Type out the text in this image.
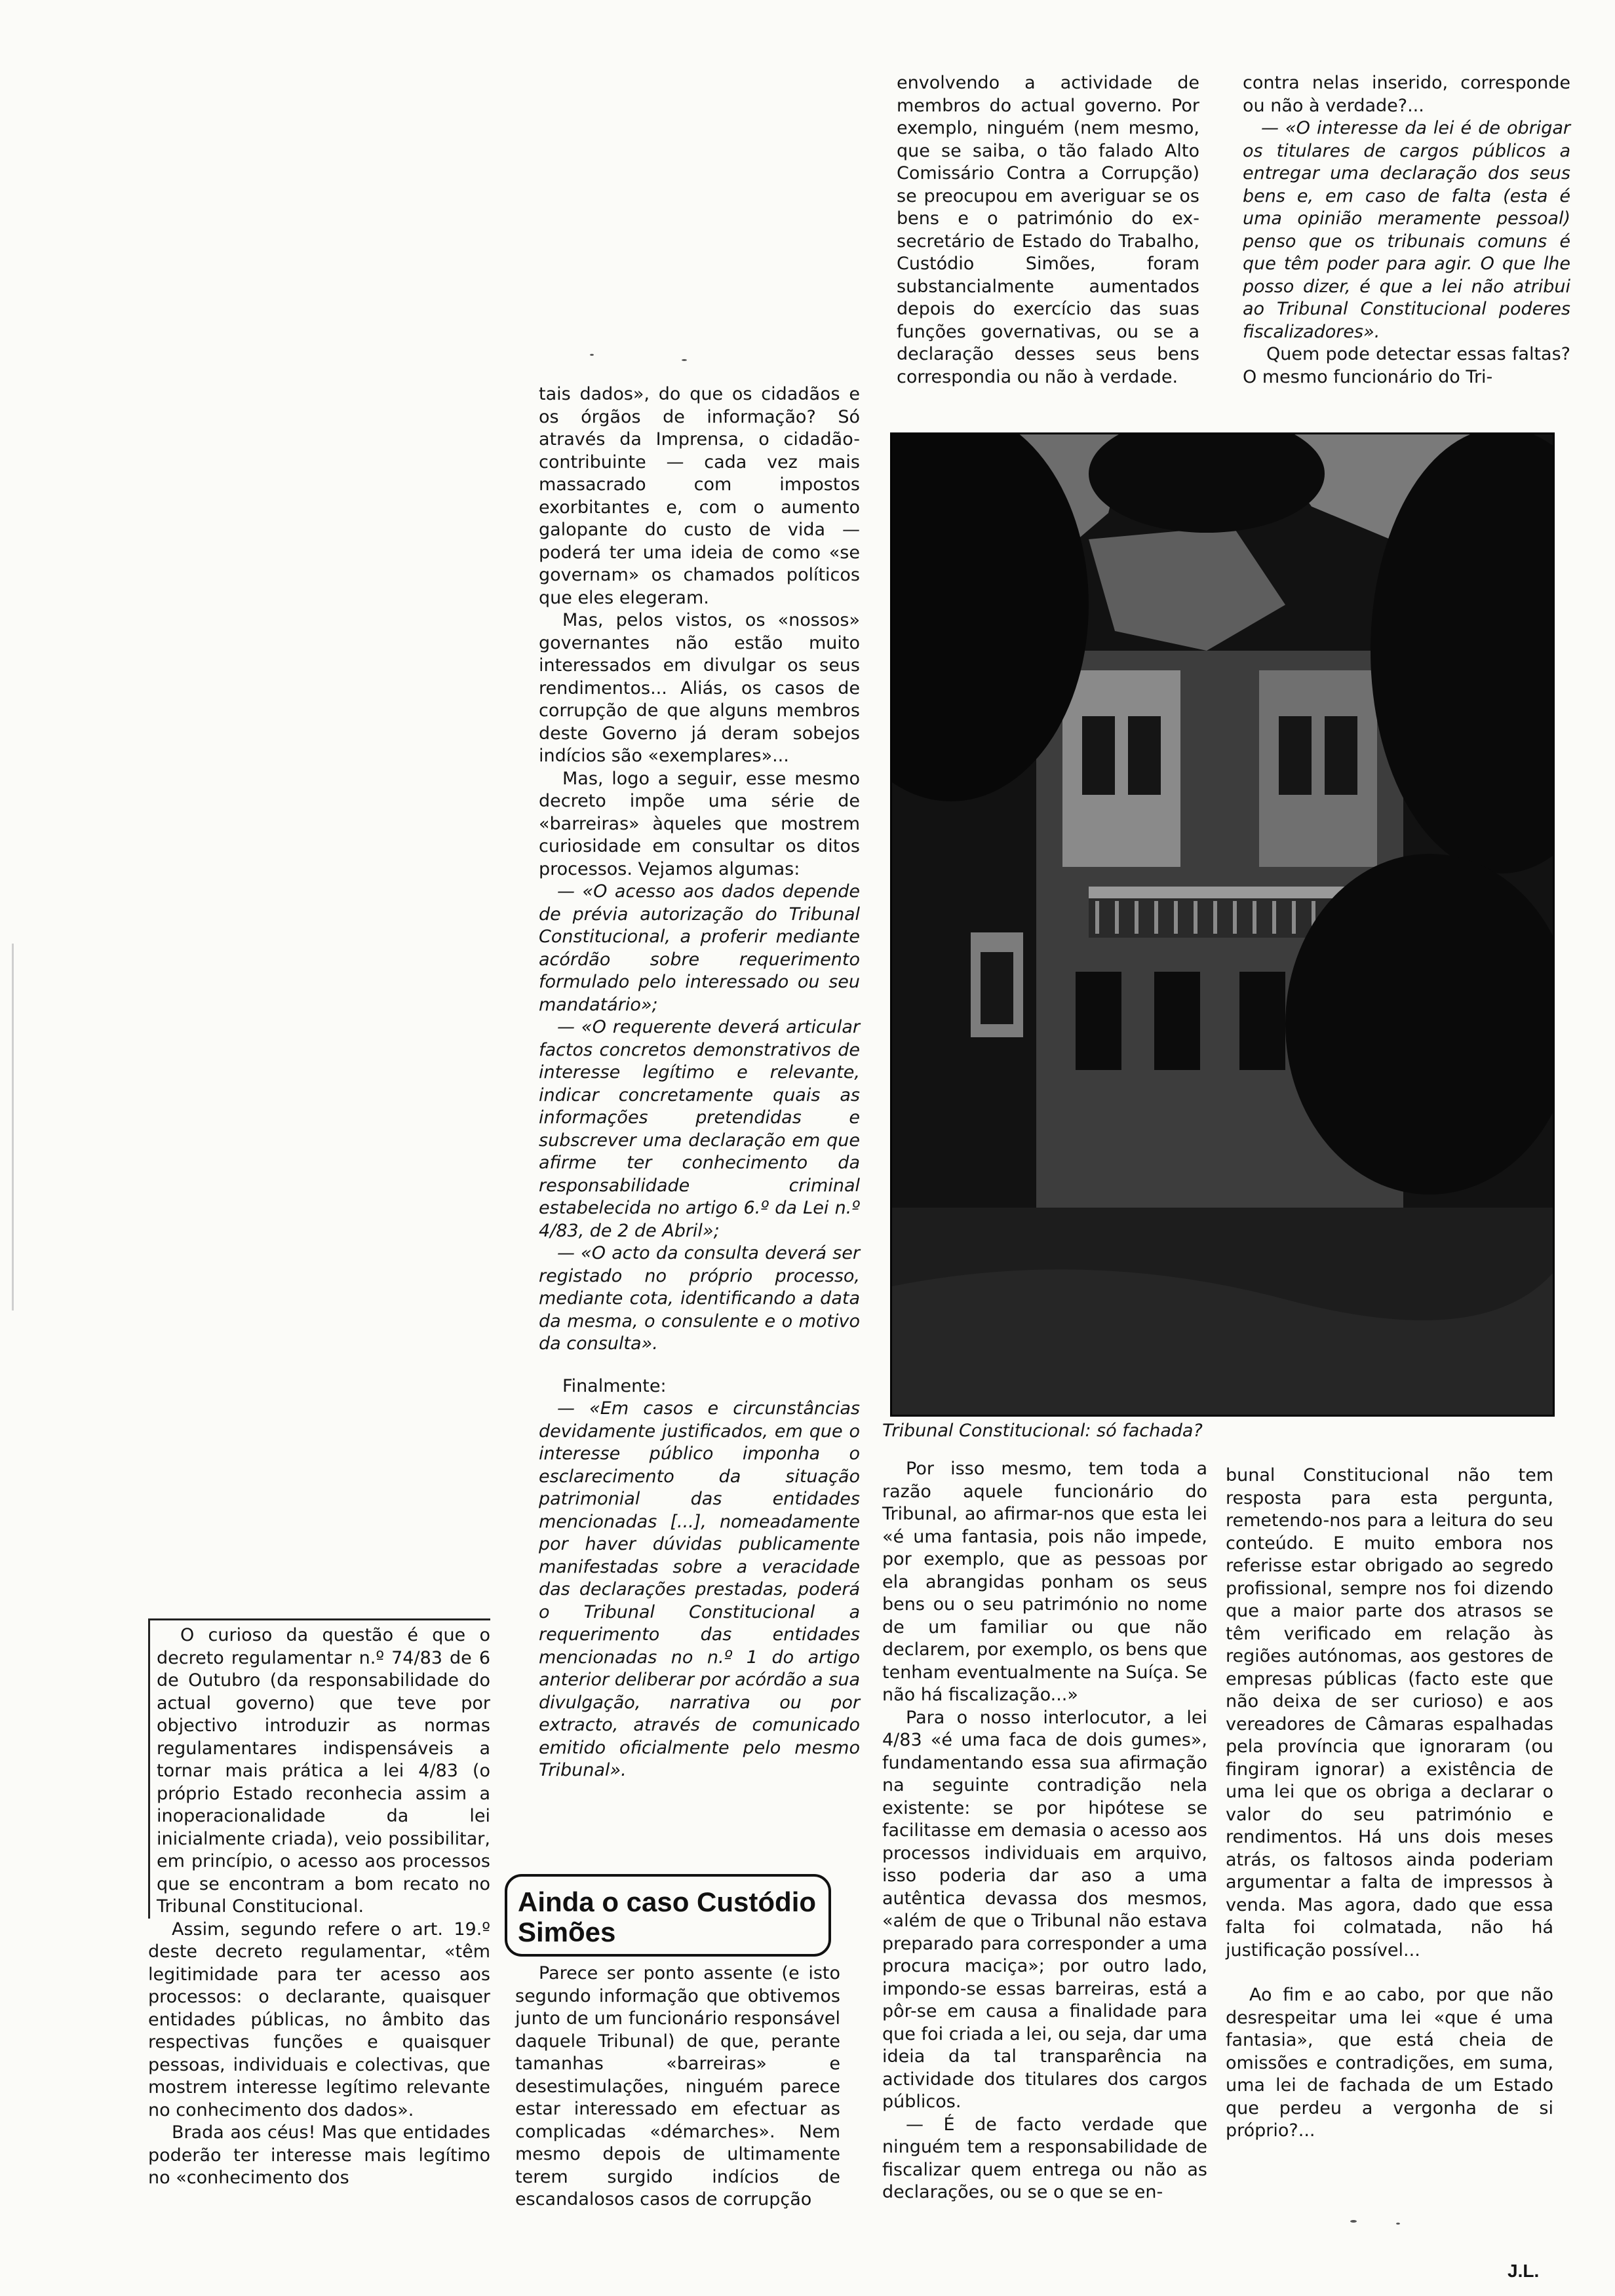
tais dados», do que os cidadãos e os órgãos de informação? Só através da Imprensa, o cidadão-contribuinte — cada vez mais massacrado com impostos exorbitantes e, com o aumento galopante do custo de vida — poderá ter uma ideia de como «se governam» os chamados políticos que eles elegeram.

Mas, pelos vistos, os «nossos» governantes não estão muito interessados em divulgar os seus rendimentos... Aliás, os casos de corrupção de que alguns membros deste Governo já deram sobejos indícios são «exemplares»...

Mas, logo a seguir, esse mesmo decreto impõe uma série de «barreiras» àqueles que mostrem curiosidade em consultar os ditos processos. Vejamos algumas:

— «O acesso aos dados depende de prévia autorização do Tribunal Constitucional, a proferir mediante acórdão sobre requerimento formulado pelo interessado ou seu mandatário»;

— «O requerente deverá articular factos concretos demonstrativos de interesse legítimo e relevante, indicar concretamente quais as informações pretendidas e subscrever uma declaração em que afirme ter conhecimento da responsabilidade criminal estabelecida no artigo 6.º da Lei n.º 4/83, de 2 de Abril»;

— «O acto da consulta deverá ser registado no próprio processo, mediante cota, identificando a data da mesma, o consulente e o motivo da consulta».

Finalmente:

— «Em casos e circunstâncias devidamente justificados, em que o interesse público imponha o esclarecimento da situação patrimonial das entidades mencionadas [...], nomeadamente por haver dúvidas publicamente manifestadas sobre a veracidade das declarações prestadas, poderá o Tribunal Constitucional a requerimento das entidades mencionadas no n.º 1 do artigo anterior deliberar por acórdão a sua divulgação, narrativa ou por extracto, através de comunicado emitido oficialmente pelo mesmo Tribunal».

envolvendo a actividade de membros do actual governo. Por exemplo, ninguém (nem mesmo, que se saiba, o tão falado Alto Comissário Contra a Corrupção) se preocupou em averiguar se os bens e o património do ex-secretário de Estado do Trabalho, Custódio Simões, foram substancialmente aumentados depois do exercício das suas funções governativas, ou se a declaração desses seus bens correspondia ou não à verdade.

contra nelas inserido, corresponde ou não à verdade?...

— «O interesse da lei é de obrigar os titulares de cargos públicos a entregar uma declaração dos seus bens e, em caso de falta (esta é uma opinião meramente pessoal) penso que os tribunais comuns é que têm poder para agir. O que lhe posso dizer, é que a lei não atribui ao Tribunal Constitucional poderes fiscalizadores».

Quem pode detectar essas faltas? O mesmo funcionário do Tri-

Tribunal Constitucional: só fachada?

O curioso da questão é que o decreto regulamentar n.º 74/83 de 6 de Outubro (da responsabilidade do actual governo) que teve por objectivo introduzir as normas regulamentares indispensáveis a tornar mais prática a lei 4/83 (o próprio Estado reconhecia assim a inoperacionalidade da lei inicialmente criada), veio possibilitar, em princípio, o acesso aos processos que se encontram a bom recato no Tribunal Constitucional.

Assim, segundo refere o art. 19.º deste decreto regulamentar, «têm legitimidade para ter acesso aos processos: o declarante, quaisquer entidades públicas, no âmbito das respectivas funções e quaisquer pessoas, individuais e colectivas, que mostrem interesse legítimo relevante no conhecimento dos dados».

Brada aos céus! Mas que entidades poderão ter interesse mais legítimo no «conhecimento dos

Ainda o caso Custódio Simões

Parece ser ponto assente (e isto segundo informação que obtivemos junto de um funcionário responsável daquele Tribunal) de que, perante tamanhas «barreiras» e desestimulações, ninguém parece estar interessado em efectuar as complicadas «démarches». Nem mesmo depois de ultimamente terem surgido indícios de escandalosos casos de corrupção

Por isso mesmo, tem toda a razão aquele funcionário do Tribunal, ao afirmar-nos que esta lei «é uma fantasia, pois não impede, por exemplo, que as pessoas por ela abrangidas ponham os seus bens ou o seu património no nome de um familiar ou que não declarem, por exemplo, os bens que tenham eventualmente na Suíça. Se não há fiscalização...»

Para o nosso interlocutor, a lei 4/83 «é uma faca de dois gumes», fundamentando essa sua afirmação na seguinte contradição nela existente: se por hipótese se facilitasse em demasia o acesso aos processos individuais em arquivo, isso poderia dar aso a uma autêntica devassa dos mesmos, «além de que o Tribunal não estava preparado para corresponder a uma procura maciça»; por outro lado, impondo-se essas barreiras, está a pôr-se em causa a finalidade para que foi criada a lei, ou seja, dar uma ideia da tal transparência na actividade dos titulares dos cargos públicos.

— É de facto verdade que ninguém tem a responsabilidade de fiscalizar quem entrega ou não as declarações, ou se o que se en-

bunal Constitucional não tem resposta para esta pergunta, remetendo-nos para a leitura do seu conteúdo. E muito embora nos referisse estar obrigado ao segredo profissional, sempre nos foi dizendo que a maior parte dos atrasos se têm verificado em relação às regiões autónomas, aos gestores de empresas públicas (facto este que não deixa de ser curioso) e aos vereadores de Câmaras espalhadas pela província que ignoraram (ou fingiram ignorar) a existência de uma lei que os obriga a declarar o valor do seu património e rendimentos. Há uns dois meses atrás, os faltosos ainda poderiam argumentar a falta de impressos à venda. Mas agora, dado que essa falta foi colmatada, não há justificação possível...

Ao fim e ao cabo, por que não desrespeitar uma lei «que é uma fantasia», que está cheia de omissões e contradições, em suma, uma lei de fachada de um Estado que perdeu a vergonha de si próprio?...

J.L.
